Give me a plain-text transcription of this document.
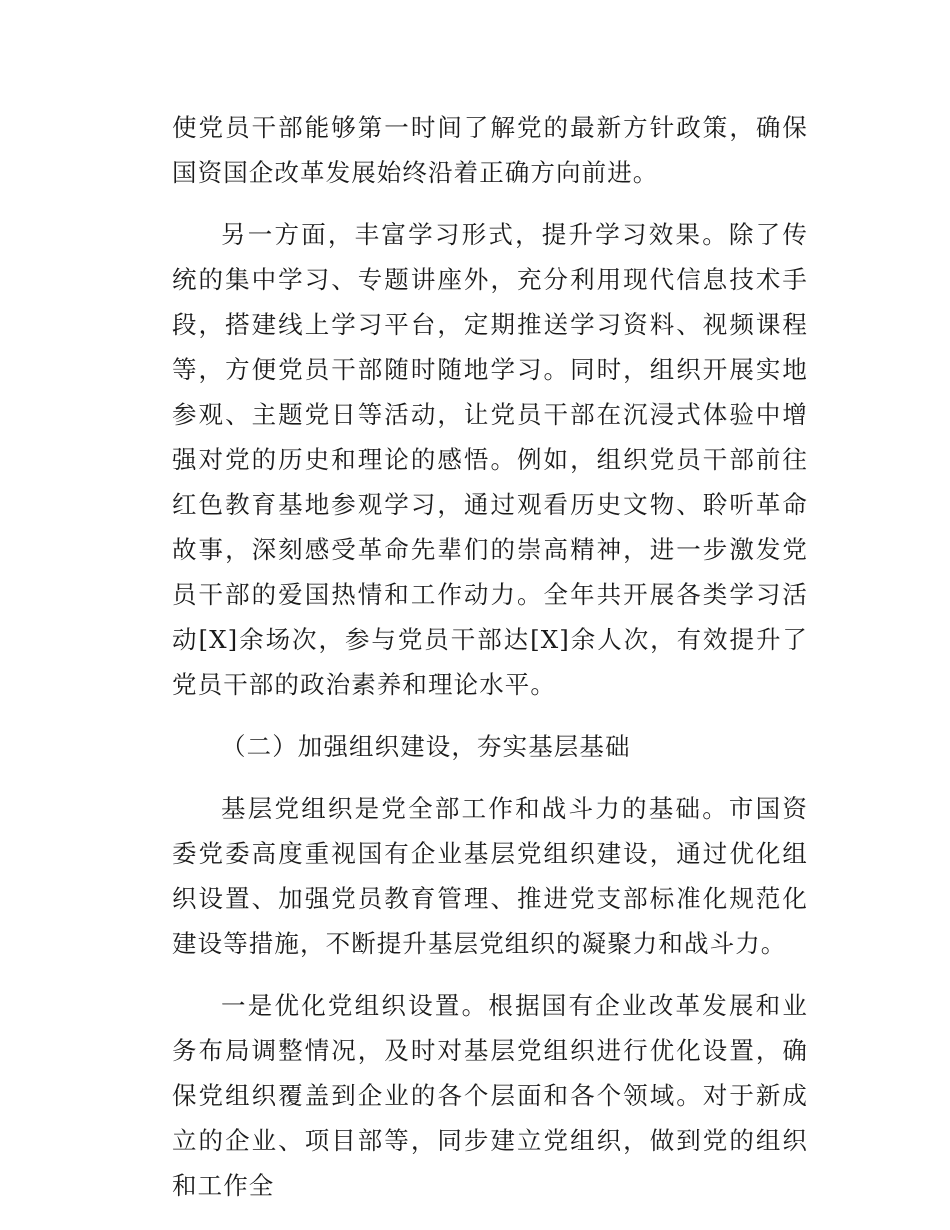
使党员干部能够第一时间了解党的最新方针政策，确保国资国企改革发展始终沿着正确方向前进。

另一方面，丰富学习形式，提升学习效果。除了传统的集中学习、专题讲座外，充分利用现代信息技术手段，搭建线上学习平台，定期推送学习资料、视频课程等，方便党员干部随时随地学习。同时，组织开展实地参观、主题党日等活动，让党员干部在沉浸式体验中增强对党的历史和理论的感悟。例如，组织党员干部前往红色教育基地参观学习，通过观看历史文物、聆听革命故事，深刻感受革命先辈们的崇高精神，进一步激发党员干部的爱国热情和工作动力。全年共开展各类学习活动[X]余场次，参与党员干部达[X]余人次，有效提升了党员干部的政治素养和理论水平。

（二）加强组织建设，夯实基层基础

基层党组织是党全部工作和战斗力的基础。市国资委党委高度重视国有企业基层党组织建设，通过优化组织设置、加强党员教育管理、推进党支部标准化规范化建设等措施，不断提升基层党组织的凝聚力和战斗力。

一是优化党组织设置。根据国有企业改革发展和业务布局调整情况，及时对基层党组织进行优化设置，确保党组织覆盖到企业的各个层面和各个领域。对于新成立的企业、项目部等，同步建立党组织，做到党的组织和工作全
